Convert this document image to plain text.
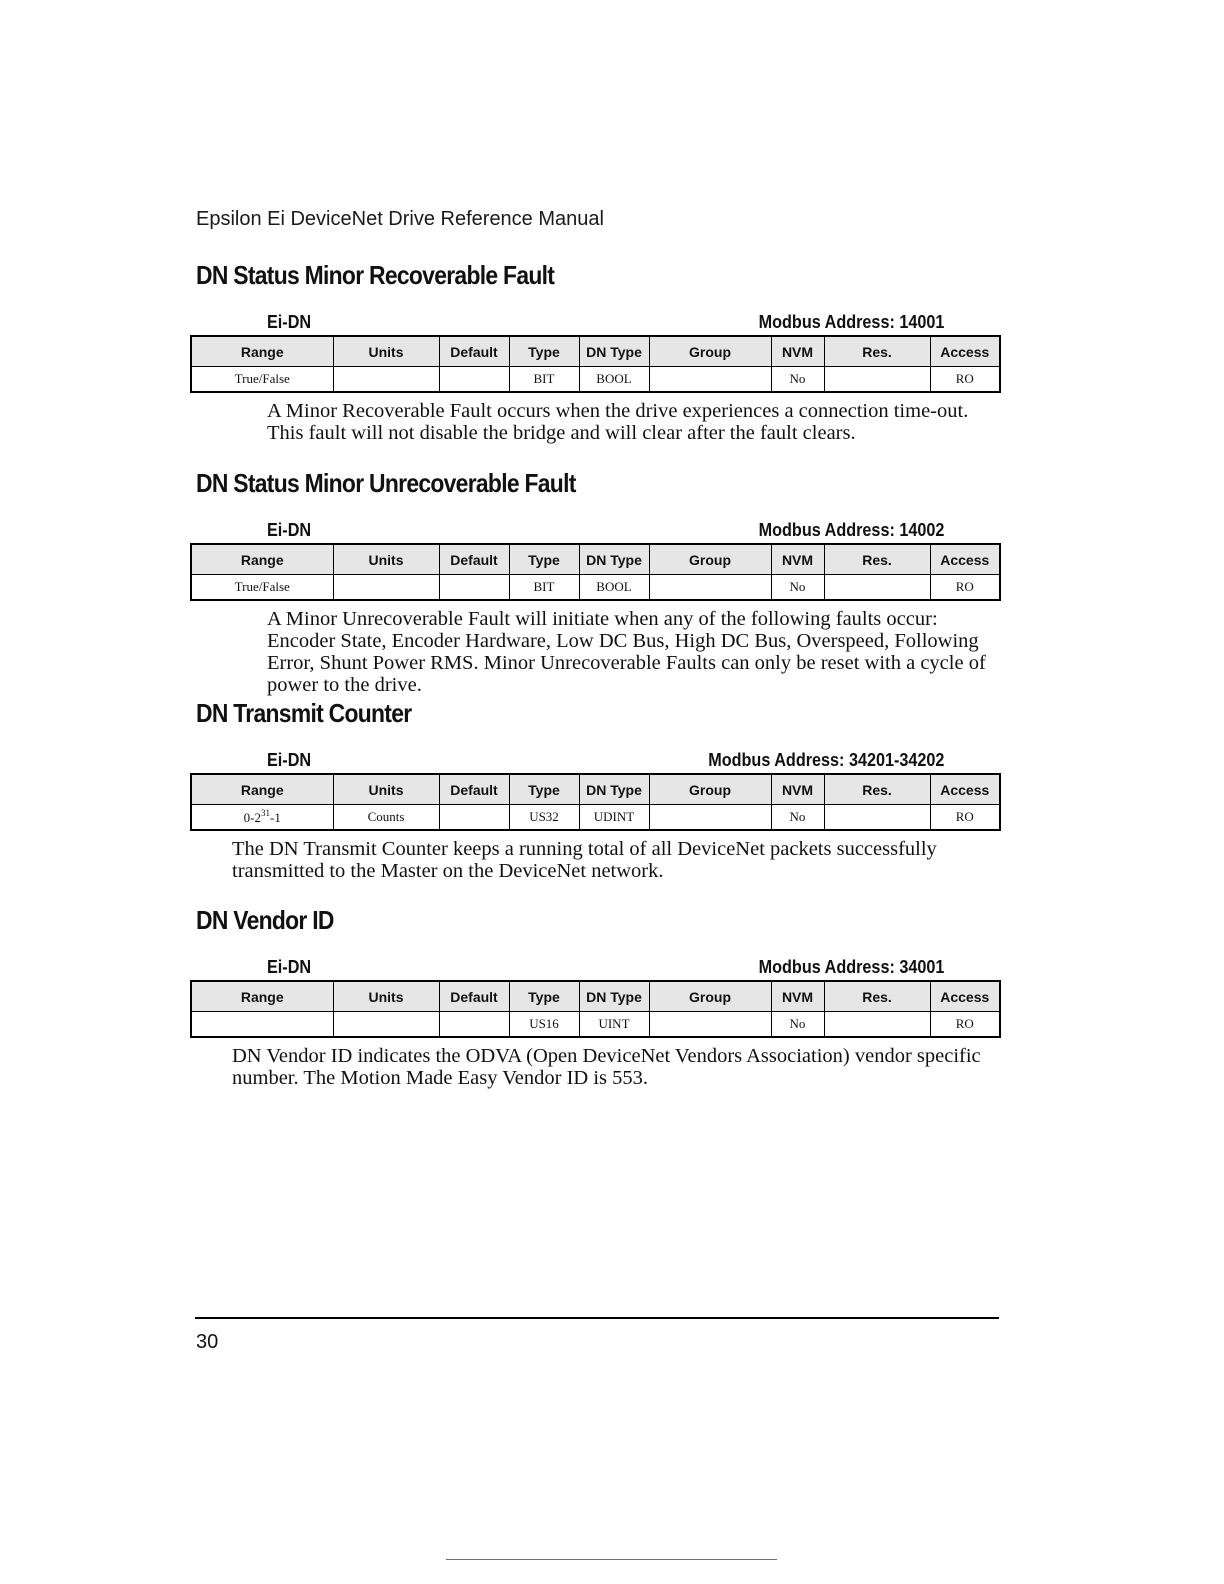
Epsilon Ei DeviceNet Drive Reference Manual
DN Status Minor Recoverable Fault
Ei-DN	Modbus Address: 14001
Range	Units	Default	Type	DN Type	Group	NVM	Res.	Access
True/False			BIT	BOOL		No		RO
A Minor Recoverable Fault occurs when the drive experiences a connection time-out. This fault will not disable the bridge and will clear after the fault clears.
DN Status Minor Unrecoverable Fault
Ei-DN	Modbus Address: 14002
Range	Units	Default	Type	DN Type	Group	NVM	Res.	Access
True/False			BIT	BOOL		No		RO
A Minor Unrecoverable Fault will initiate when any of the following faults occur: Encoder State, Encoder Hardware, Low DC Bus, High DC Bus, Overspeed, Following Error, Shunt Power RMS. Minor Unrecoverable Faults can only be reset with a cycle of power to the drive.
DN Transmit Counter
Ei-DN	Modbus Address: 34201-34202
Range	Units	Default	Type	DN Type	Group	NVM	Res.	Access
$0-2^{31}-1$	Counts		US32	UDINT		No		RO
The DN Transmit Counter keeps a running total of all DeviceNet packets successfully transmitted to the Master on the DeviceNet network.
DN Vendor ID
Ei-DN	Modbus Address: 34001
Range	Units	Default	Type	DN Type	Group	NVM	Res.	Access
			US16	UINT		No		RO
DN Vendor ID indicates the ODVA (Open DeviceNet Vendors Association) vendor specific number. The Motion Made Easy Vendor ID is 553.
30
